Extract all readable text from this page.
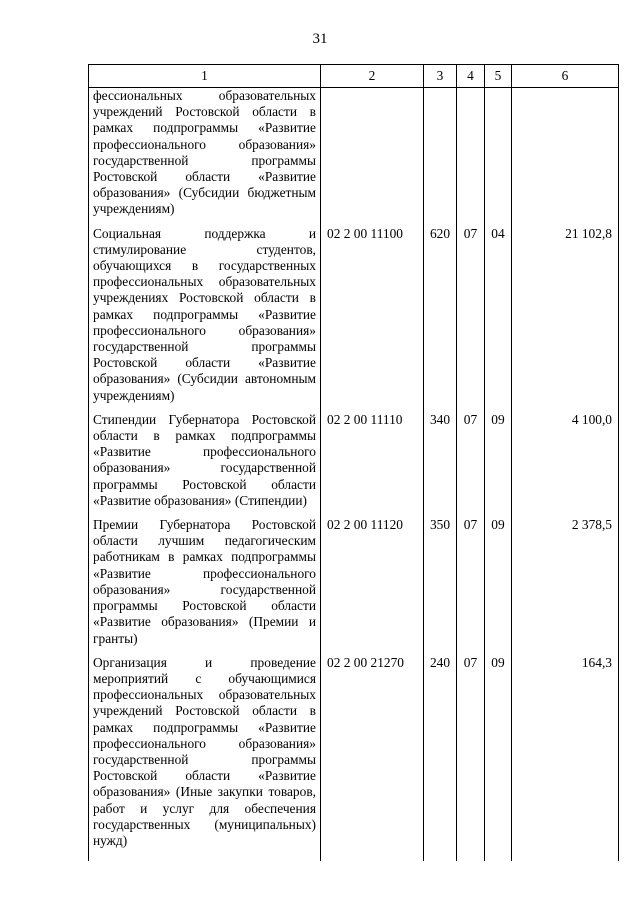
31
1	2	3	4	5	6
фессиональных образовательных учреждений Ростовской области в рамках подпрограммы «Развитие профессионального образования» государственной программы Ростовской области «Развитие образования» (Субсидии бюджетным учреждениям)					
Социальная поддержка и стимулирование студентов, обучающихся в государственных профессиональных образовательных учреждениях Ростовской области в рамках подпрограммы «Развитие профессионального образования» государственной программы Ростовской области «Развитие образования» (Субсидии автономным учреждениям)	02 2 00 11100	620	07	04	21 102,8
Стипендии Губернатора Ростовской области в рамках подпрограммы «Развитие профессионального образования» государственной программы Ростовской области «Развитие образования» (Стипендии)	02 2 00 11110	340	07	09	4 100,0
Премии Губернатора Ростовской области лучшим педагогическим работникам в рамках подпрограммы «Развитие профессионального образования» государственной программы Ростовской области «Развитие образования» (Премии и гранты)	02 2 00 11120	350	07	09	2 378,5
Организация и проведение мероприятий с обучающимися профессиональных образовательных учреждений Ростовской области в рамках подпрограммы «Развитие профессионального образования» государственной программы Ростовской области «Развитие образования» (Иные закупки товаров, работ и услуг для обеспечения государственных (муниципальных) нужд)	02 2 00 21270	240	07	09	164,3
